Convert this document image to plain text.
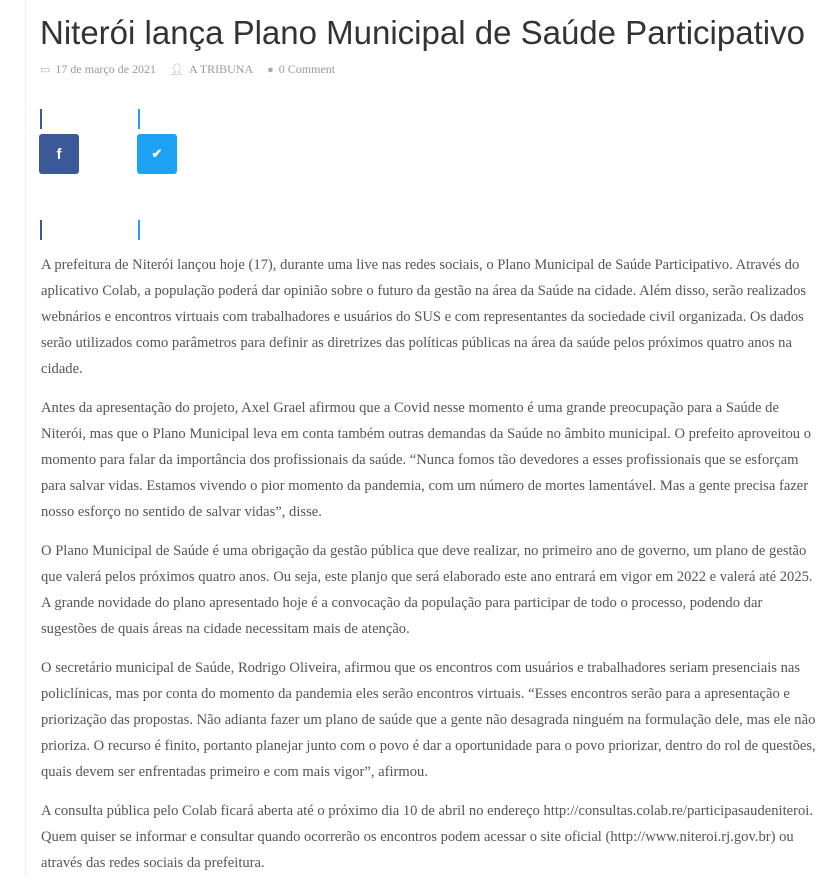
Niterói lança Plano Municipal de Saúde Participativo
▭ 17 de março de 2021 👤︎ A TRIBUNA ● 0 Comment
f	✔

A prefeitura de Niterói lançou hoje (17), durante uma live nas redes sociais, o Plano Municipal de Saúde Participativo. Através do aplicativo Colab, a população poderá dar opinião sobre o futuro da gestão na área da Saúde na cidade. Além disso, serão realizados webnários e encontros virtuais com trabalhadores e usuários do SUS e com representantes da sociedade civil organizada. Os dados serão utilizados como parâmetros para definir as diretrizes das políticas públicas na área da saúde pelos próximos quatro anos na cidade.

Antes da apresentação do projeto, Axel Grael afirmou que a Covid nesse momento é uma grande preocupação para a Saúde de Niterói, mas que o Plano Municipal leva em conta também outras demandas da Saúde no âmbito municipal. O prefeito aproveitou o momento para falar da importância dos profissionais da saúde. “Nunca fomos tão devedores a esses profissionais que se esforçam para salvar vidas. Estamos vivendo o pior momento da pandemia, com um número de mortes lamentável. Mas a gente precisa fazer nosso esforço no sentido de salvar vidas”, disse.

O Plano Municipal de Saúde é uma obrigação da gestão pública que deve realizar, no primeiro ano de governo, um plano de gestão que valerá pelos próximos quatro anos. Ou seja, este planjo que será elaborado este ano entrará em vigor em 2022 e valerá até 2025. A grande novidade do plano apresentado hoje é a convocação da população para participar de todo o processo, podendo dar sugestões de quais áreas na cidade necessitam mais de atenção.

O secretário municipal de Saúde, Rodrigo Oliveira, afirmou que os encontros com usuários e trabalhadores seriam presenciais nas policlínicas, mas por conta do momento da pandemia eles serão encontros virtuais. “Esses encontros serão para a apresentação e priorização das propostas. Não adianta fazer um plano de saúde que a gente não desagrada ninguém na formulação dele, mas ele não prioriza. O recurso é finito, portanto planejar junto com o povo é dar a oportunidade para o povo priorizar, dentro do rol de questões, quais devem ser enfrentadas primeiro e com mais vigor”, afirmou.

A consulta pública pelo Colab ficará aberta até o próximo dia 10 de abril no endereço http://consultas.colab.re/participasaudeniteroi. Quem quiser se informar e consultar quando ocorrerão os encontros podem acessar o site oficial (http://www.niteroi.rj.gov.br) ou através das redes sociais da prefeitura.
